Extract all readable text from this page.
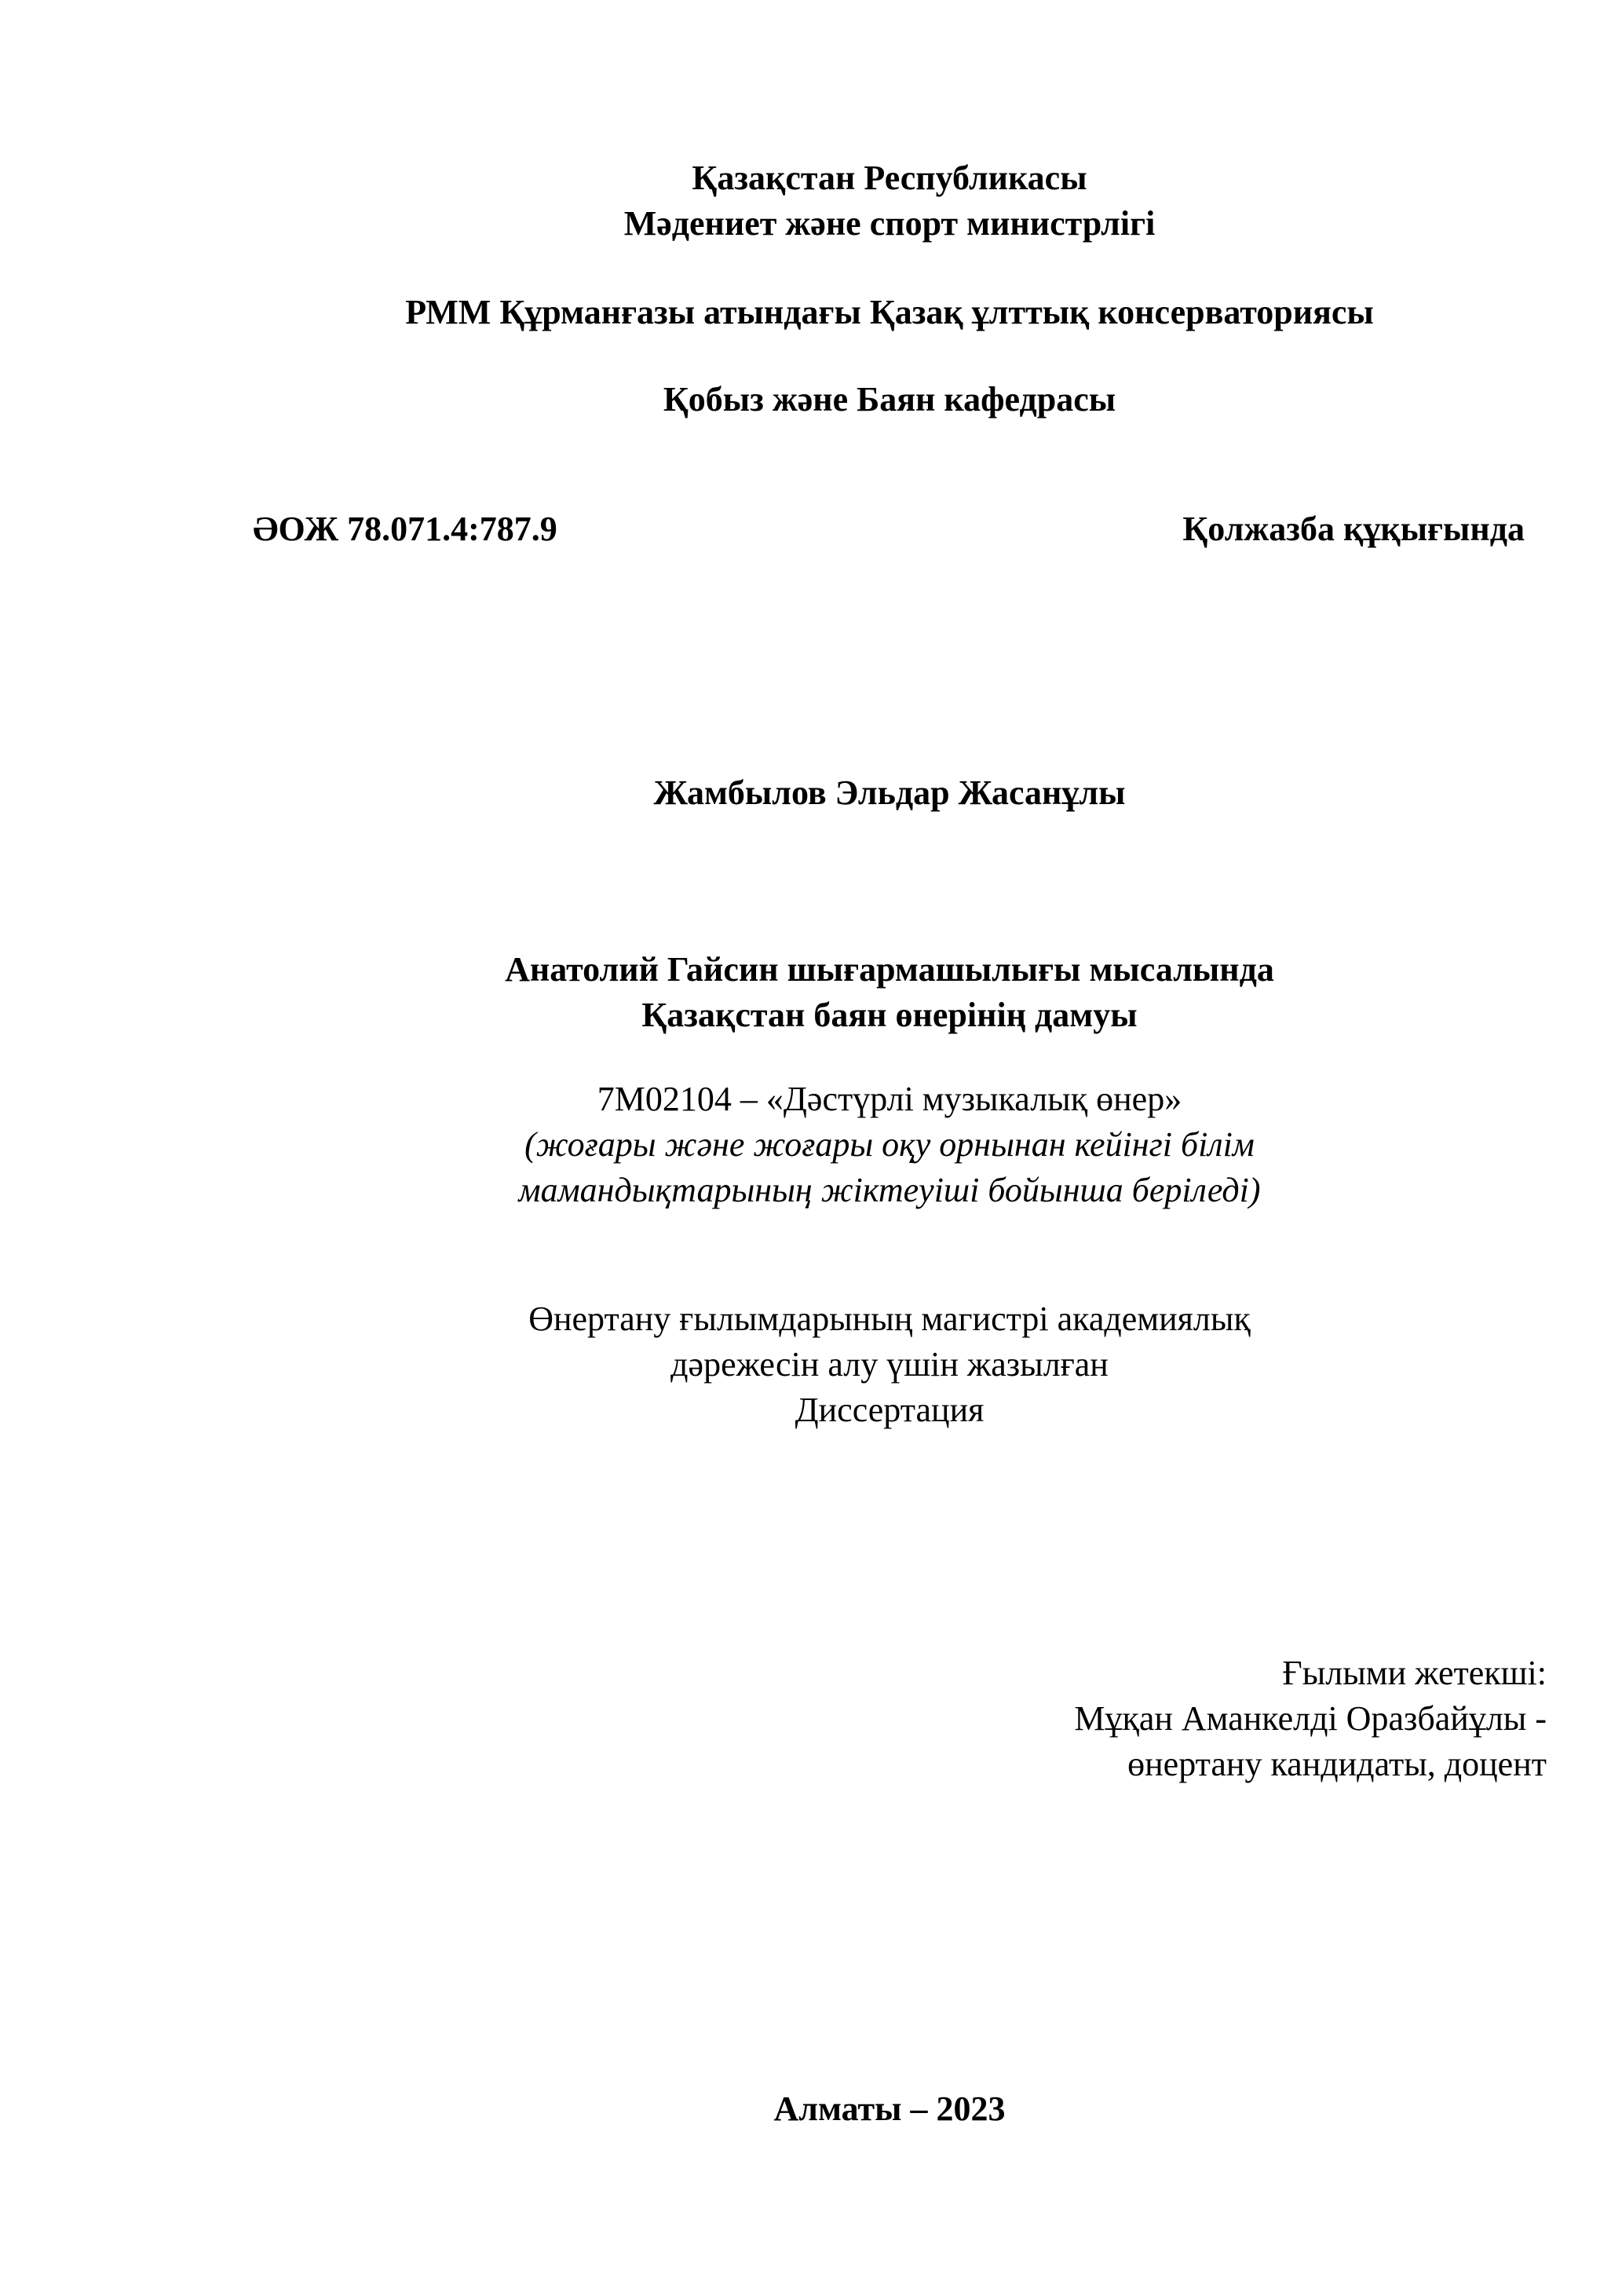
Қазақстан Республикасы
Мәдениет және спорт министрлігі
РММ Құрманғазы атындағы Қазақ ұлттық консерваториясы
Қобыз және Баян кафедрасы
ӘОЖ 78.071.4:787.9	Қолжазба құқығында
Жамбылов Эльдар Жасанұлы
Анатолий Гайсин шығармашылығы мысалында
Қазақстан баян өнерінің дамуы
7M02104 – «Дәстүрлі музыкалық өнер»
(жоғары және жоғары оқу орнынан кейінгі білім
мамандықтарының жіктеуіші бойынша беріледі)
Өнертану ғылымдарының магистрі академиялық
дәрежесін алу үшін жазылған
Диссертация
Ғылыми жетекші:
Мұқан Аманкелді Оразбайұлы -
өнертану кандидаты, доцент
Алматы – 2023
